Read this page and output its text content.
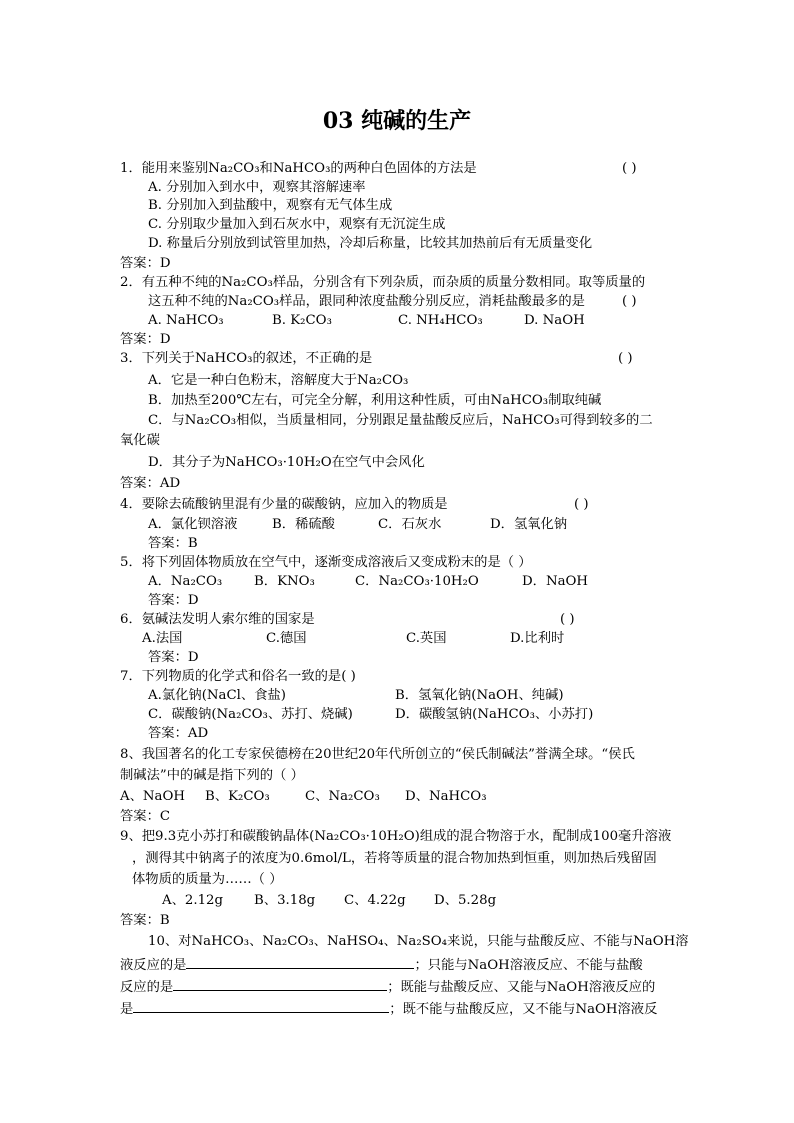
03 纯碱的生产
1．能用来鉴别Na₂CO₃和NaHCO₃的两种白色固体的方法是	( )
A. 分别加入到水中，观察其溶解速率
B. 分别加入到盐酸中，观察有无气体生成
C. 分别取少量加入到石灰水中，观察有无沉淀生成
D. 称量后分别放到试管里加热，冷却后称量，比较其加热前后有无质量变化
答案：D
2．有五种不纯的Na₂CO₃样品，分别含有下列杂质，而杂质的质量分数相同。取等质量的
这五种不纯的Na₂CO₃样品，跟同种浓度盐酸分别反应，消耗盐酸最多的是	( )
A. NaHCO₃	B. K₂CO₃	C. NH₄HCO₃	D. NaOH
答案：D
3．下列关于NaHCO₃的叙述，不正确的是	( )
A．它是一种白色粉末，溶解度大于Na₂CO₃
B．加热至200℃左右，可完全分解，利用这种性质，可由NaHCO₃制取纯碱
C．与Na₂CO₃相似，当质量相同，分别跟足量盐酸反应后，NaHCO₃可得到较多的二
氧化碳
D．其分子为NaHCO₃·10H₂O在空气中会风化
答案：AD
4．要除去硫酸钠里混有少量的碳酸钠，应加入的物质是	( )
A．氯化钡溶液	B．稀硫酸	C．石灰水	D．氢氧化钠
答案：B
5．将下列固体物质放在空气中，逐渐变成溶液后又变成粉末的是（ ）
A．Na₂CO₃ B．KNO₃	C．Na₂CO₃·10H₂O	D．NaOH
答案：D
6．氨碱法发明人索尔维的国家是	( )
A.法国	C.德国	C.英国	D.比利时
答案：D
7．下列物质的化学式和俗名一致的是( )
A.氯化钠(NaCl、食盐)	B．氢氧化钠(NaOH、纯碱)
C．碳酸钠(Na₂CO₃、苏打、烧碱)	D．碳酸氢钠(NaHCO₃、小苏打)
答案：AD
8、我国著名的化工专家侯德榜在20世纪20年代所创立的“侯氏制碱法”誉满全球。“侯氏
制碱法”中的碱是指下列的（ ）
A、NaOH B、K₂CO₃	C、Na₂CO₃ D、NaHCO₃
答案：C
9、把9.3克小苏打和碳酸钠晶体(Na₂CO₃·10H₂O)组成的混合物溶于水，配制成100毫升溶液
，测得其中钠离子的浓度为0.6mol/L，若将等质量的混合物加热到恒重，则加热后残留固
体物质的质量为……（ ）
A、2.12g B、3.18g C、4.22g D、5.28g
答案：B
10、对NaHCO₃、Na₂CO₃、NaHSO₄、Na₂SO₄来说，只能与盐酸反应、不能与NaOH溶
液反应的是	；只能与NaOH溶液反应、不能与盐酸
反应的是	；既能与盐酸反应、又能与NaOH溶液反应的
是	；既不能与盐酸反应，又不能与NaOH溶液反
